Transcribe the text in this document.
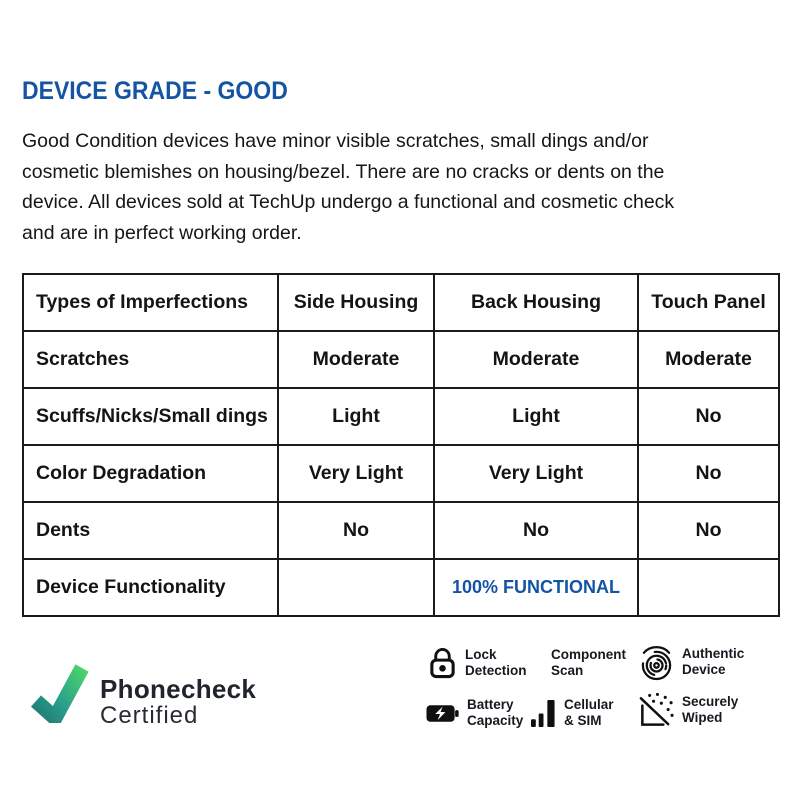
DEVICE GRADE - GOOD
Good Condition devices have minor visible scratches, small dings and/or
cosmetic blemishes on housing/bezel. There are no cracks or dents on the
device. All devices sold at TechUp undergo a functional and cosmetic check
and are in perfect working order.
Types of Imperfections	Side Housing	Back Housing	Touch Panel
Scratches	Moderate	Moderate	Moderate
Scuffs/Nicks/Small dings	Light	Light	No
Color Degradation	Very Light	Very Light	No
Dents	No	No	No
Device Functionality		100% FUNCTIONAL	
Phonecheck
Certified
Lock
Detection
Component
Scan
Authentic
Device
Battery
Capacity
Cellular
& SIM
Securely
Wiped
